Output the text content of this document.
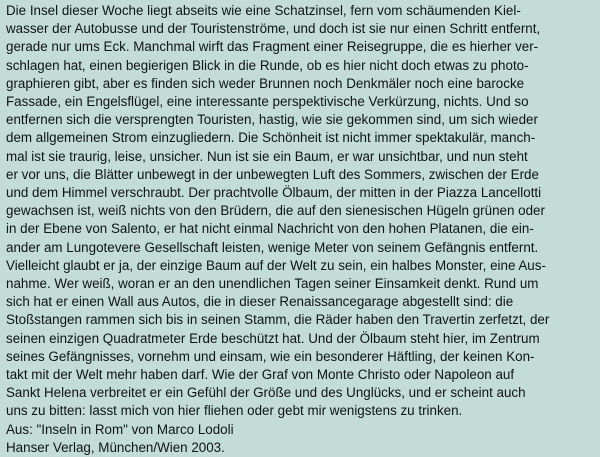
Die Insel dieser Woche liegt abseits wie eine Schatzinsel, fern vom schäumenden Kiel-
wasser der Autobusse und der Touristenströme, und doch ist sie nur einen Schritt entfernt,
gerade nur ums Eck. Manchmal wirft das Fragment einer Reisegruppe, die es hierher ver-
schlagen hat, einen begierigen Blick in die Runde, ob es hier nicht doch etwas zu photo-
graphieren gibt, aber es finden sich weder Brunnen noch Denkmäler noch eine barocke
Fassade, ein Engelsflügel, eine interessante perspektivische Verkürzung, nichts. Und so
entfernen sich die versprengten Touristen, hastig, wie sie gekommen sind, um sich wieder
dem allgemeinen Strom einzugliedern. Die Schönheit ist nicht immer spektakulär, manch-
mal ist sie traurig, leise, unsicher. Nun ist sie ein Baum, er war unsichtbar, und nun steht
er vor uns, die Blätter unbewegt in der unbewegten Luft des Sommers, zwischen der Erde
und dem Himmel verschraubt. Der prachtvolle Ölbaum, der mitten in der Piazza Lancellotti
gewachsen ist, weiß nichts von den Brüdern, die auf den sienesischen Hügeln grünen oder
in der Ebene von Salento, er hat nicht einmal Nachricht von den hohen Platanen, die ein-
ander am Lungotevere Gesellschaft leisten, wenige Meter von seinem Gefängnis entfernt.
Vielleicht glaubt er ja, der einzige Baum auf der Welt zu sein, ein halbes Monster, eine Aus-
nahme. Wer weiß, woran er an den unendlichen Tagen seiner Einsamkeit denkt. Rund um
sich hat er einen Wall aus Autos, die in dieser Renaissancegarage abgestellt sind: die
Stoßstangen rammen sich bis in seinen Stamm, die Räder haben den Travertin zerfetzt, der
seinen einzigen Quadratmeter Erde beschützt hat. Und der Ölbaum steht hier, im Zentrum
seines Gefängnisses, vornehm und einsam, wie ein besonderer Häftling, der keinen Kon-
takt mit der Welt mehr haben darf. Wie der Graf von Monte Christo oder Napoleon auf
Sankt Helena verbreitet er ein Gefühl der Größe und des Unglücks, und er scheint auch
uns zu bitten: lasst mich von hier fliehen oder gebt mir wenigstens zu trinken.
Aus: "Inseln in Rom" von Marco Lodoli
Hanser Verlag, München/Wien 2003.
